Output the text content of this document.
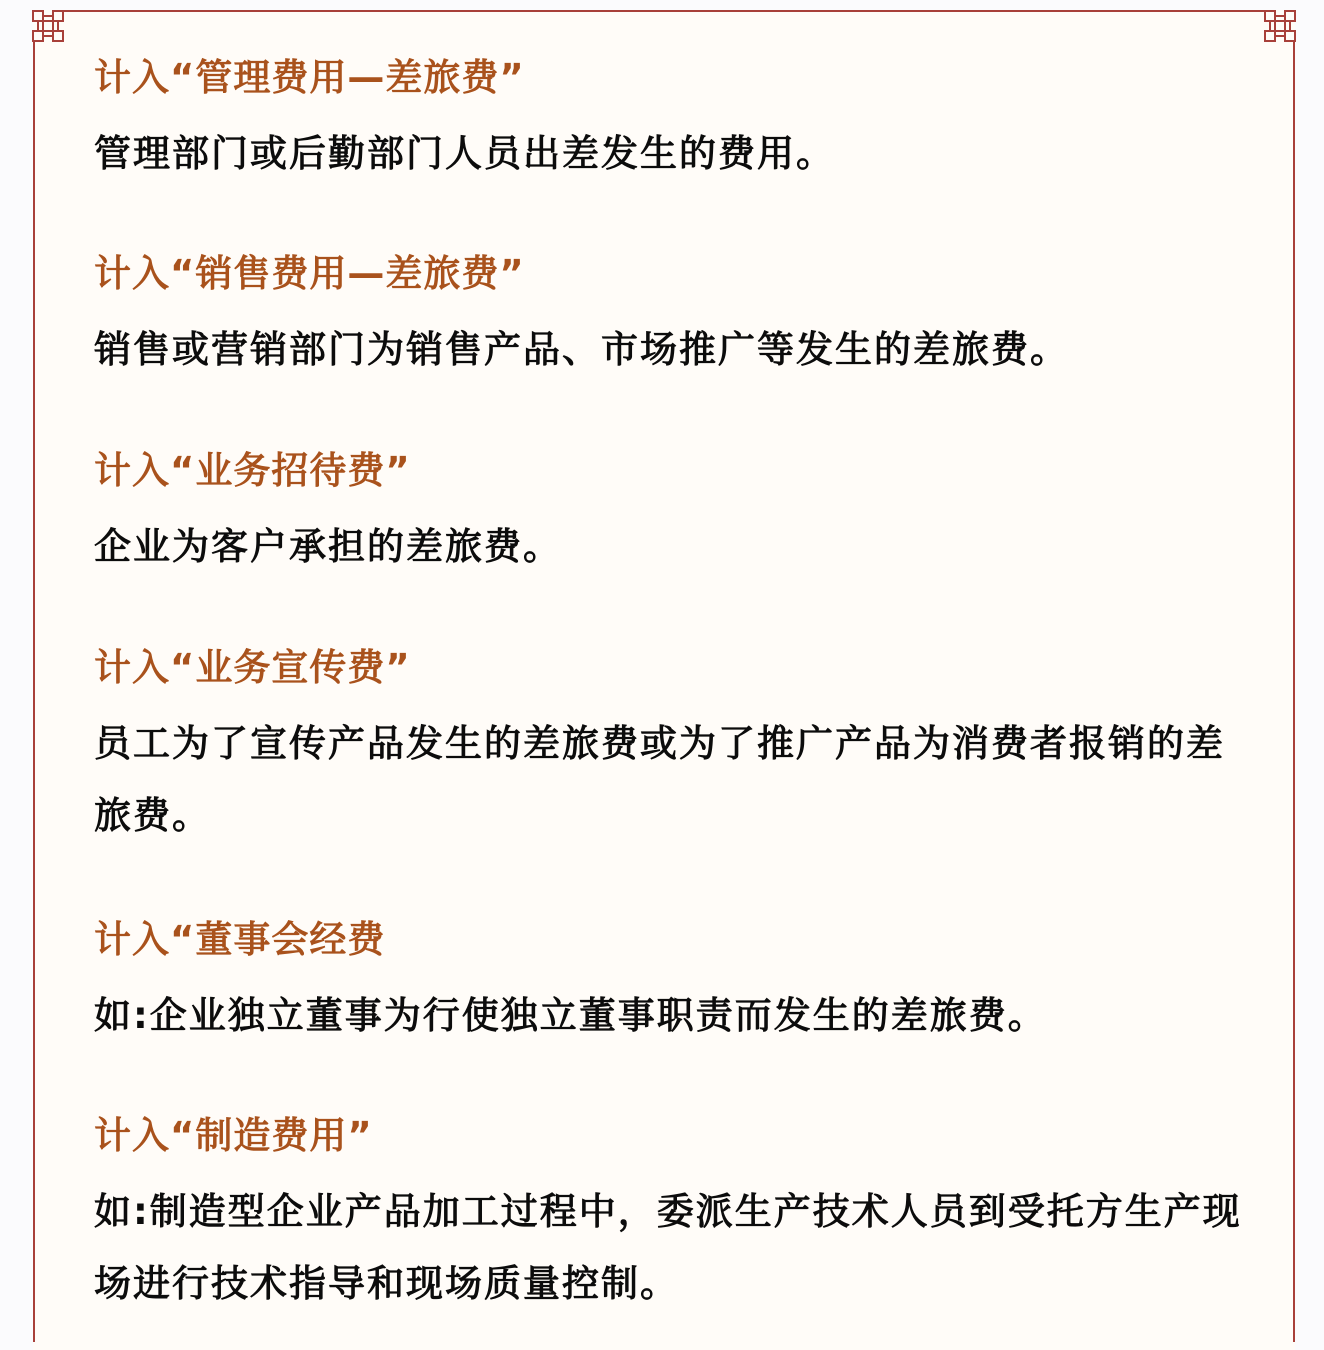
计入“管理费用—差旅费”
管理部门或后勤部门人员出差发生的费用。
计入“销售费用—差旅费”
销售或营销部门为销售产品、市场推广等发生的差旅费。
计入“业务招待费”
企业为客户承担的差旅费。
计入“业务宣传费”
员工为了宣传产品发生的差旅费或为了推广产品为消费者报销的差旅费。
计入“董事会经费
如:企业独立董事为行使独立董事职责而发生的差旅费。
计入“制造费用”
如:制造型企业产品加工过程中，委派生产技术人员到受托方生产现场进行技术指导和现场质量控制。
